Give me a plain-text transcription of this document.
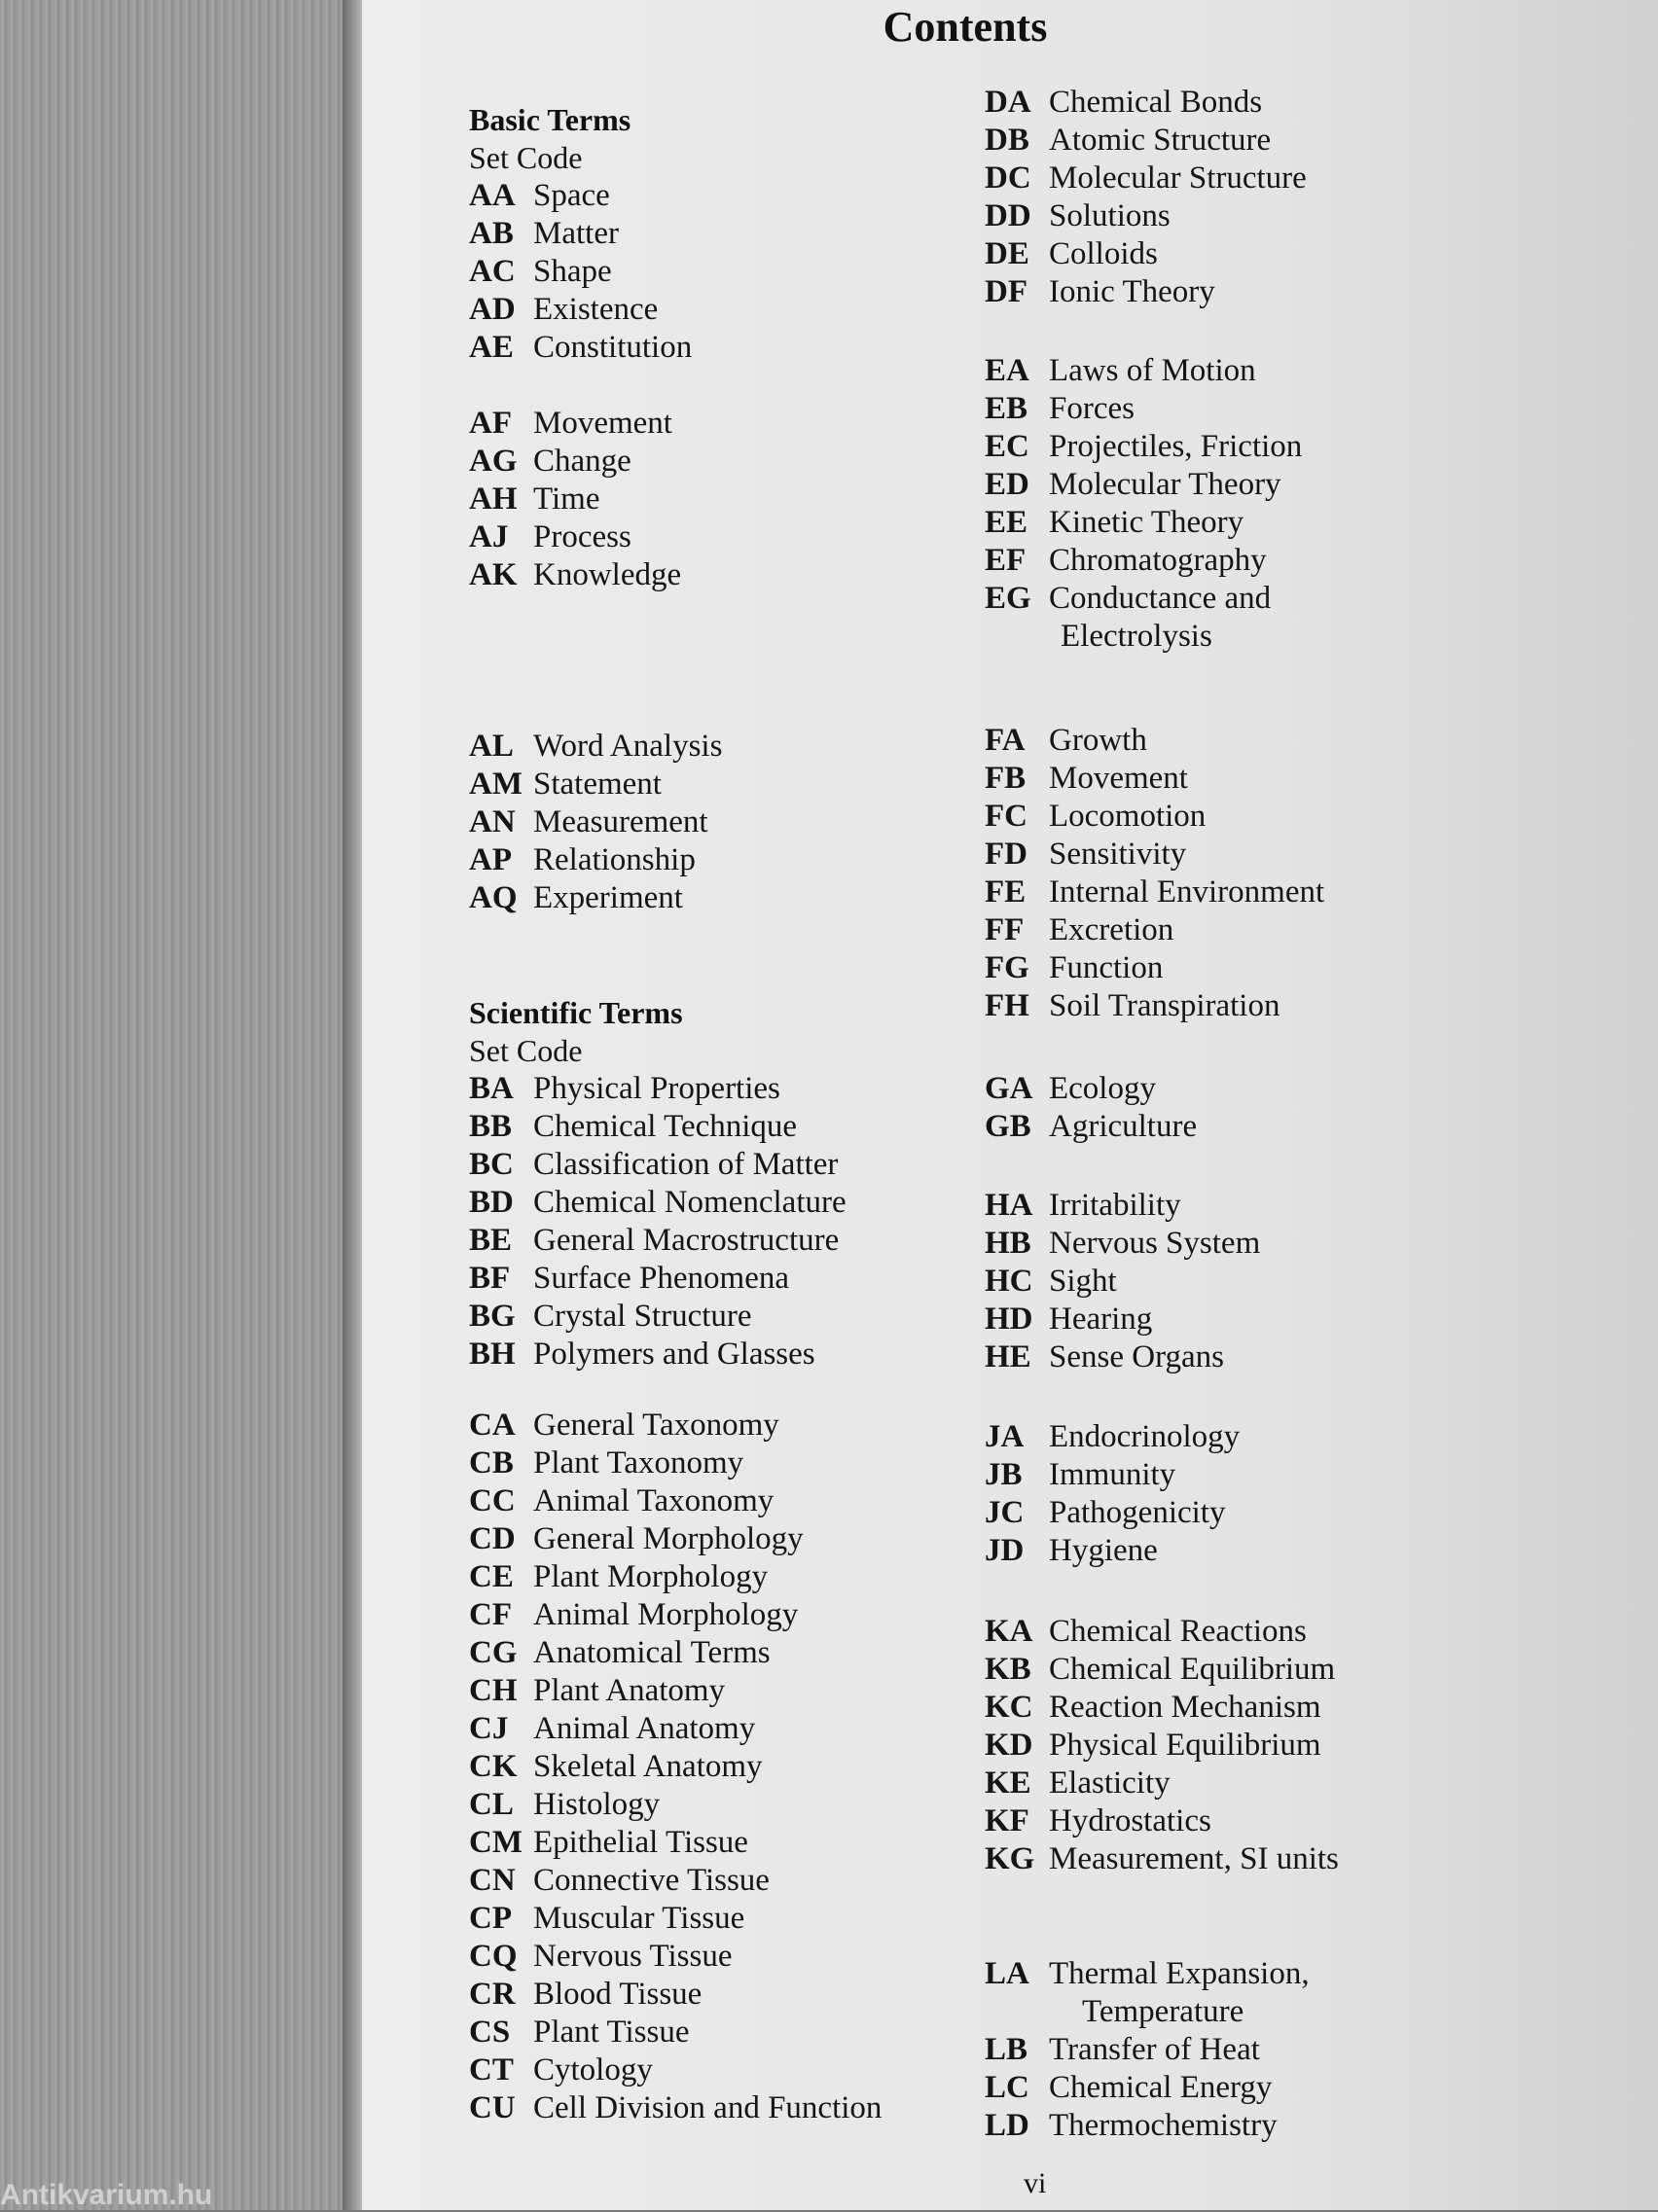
Contents
Basic Terms
Set Code
AA Space
AB Matter
AC Shape
AD Existence
AE Constitution
AF Movement
AG Change
AH Time
AJ Process
AK Knowledge
AL Word Analysis
AM Statement
AN Measurement
AP Relationship
AQ Experiment
Scientific Terms
Set Code
BA Physical Properties
BB Chemical Technique
BC Classification of Matter
BD Chemical Nomenclature
BE General Macrostructure
BF Surface Phenomena
BG Crystal Structure
BH Polymers and Glasses
CA General Taxonomy
CB Plant Taxonomy
CC Animal Taxonomy
CD General Morphology
CE Plant Morphology
CF Animal Morphology
CG Anatomical Terms
CH Plant Anatomy
CJ Animal Anatomy
CK Skeletal Anatomy
CL Histology
CM Epithelial Tissue
CN Connective Tissue
CP Muscular Tissue
CQ Nervous Tissue
CR Blood Tissue
CS Plant Tissue
CT Cytology
CU Cell Division and Function
DA Chemical Bonds
DB Atomic Structure
DC Molecular Structure
DD Solutions
DE Colloids
DF Ionic Theory
EA Laws of Motion
EB Forces
EC Projectiles, Friction
ED Molecular Theory
EE Kinetic Theory
EF Chromatography
EG Conductance and
Electrolysis
FA Growth
FB Movement
FC Locomotion
FD Sensitivity
FE Internal Environment
FF Excretion
FG Function
FH Soil Transpiration
GA Ecology
GB Agriculture
HA Irritability
HB Nervous System
HC Sight
HD Hearing
HE Sense Organs
JA Endocrinology
JB Immunity
JC Pathogenicity
JD Hygiene
KA Chemical Reactions
KB Chemical Equilibrium
KC Reaction Mechanism
KD Physical Equilibrium
KE Elasticity
KF Hydrostatics
KG Measurement, SI units
LA Thermal Expansion,
Temperature
LB Transfer of Heat
LC Chemical Energy
LD Thermochemistry
vi
Antikvarium.hu
